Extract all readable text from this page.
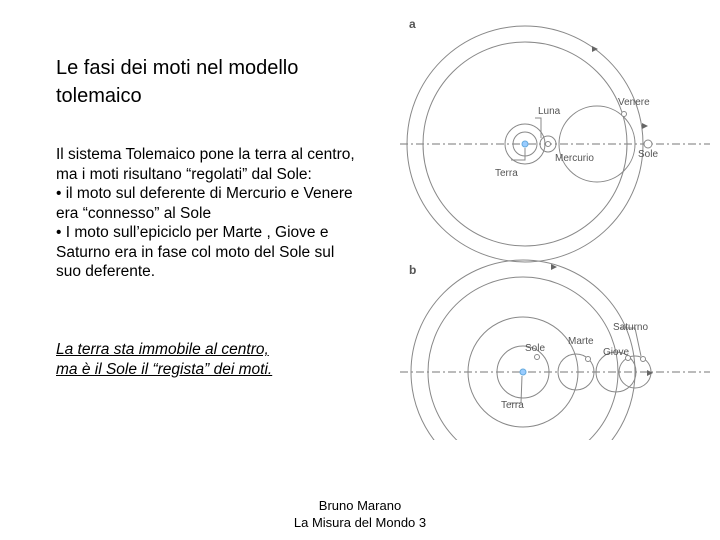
Le fasi dei moti nel modello
tolemaico
Il sistema Tolemaico pone la terra al centro, ma i moti risultano “regolati” dal Sole:
• il moto sul deferente di Mercurio e Venere era “connesso” al Sole
• I moto sull’epiciclo per Marte , Giove e Saturno era in fase col moto del Sole sul suo deferente.
La terra sta immobile al centro,
ma è il Sole il “regista” dei moti.
a
Luna
Venere
Mercurio	Sole
Terra
b
Saturno
Marte
Sole	Giove
Terra
Bruno Marano
La Misura del Mondo 3
